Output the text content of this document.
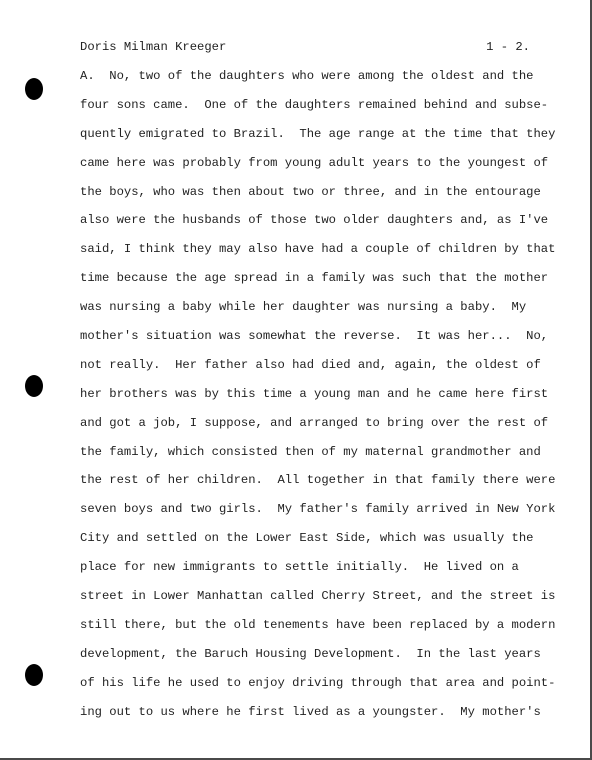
Doris Milman Kreeger	1 - 2.
A.  No, two of the daughters who were among the oldest and the
four sons came.  One of the daughters remained behind and subse-
quently emigrated to Brazil.  The age range at the time that they
came here was probably from young adult years to the youngest of
the boys, who was then about two or three, and in the entourage
also were the husbands of those two older daughters and, as I've
said, I think they may also have had a couple of children by that
time because the age spread in a family was such that the mother
was nursing a baby while her daughter was nursing a baby.  My
mother's situation was somewhat the reverse.  It was her...  No,
not really.  Her father also had died and, again, the oldest of
her brothers was by this time a young man and he came here first
and got a job, I suppose, and arranged to bring over the rest of
the family, which consisted then of my maternal grandmother and
the rest of her children.  All together in that family there were
seven boys and two girls.  My father's family arrived in New York
City and settled on the Lower East Side, which was usually the
place for new immigrants to settle initially.  He lived on a
street in Lower Manhattan called Cherry Street, and the street is
still there, but the old tenements have been replaced by a modern
development, the Baruch Housing Development.  In the last years
of his life he used to enjoy driving through that area and point-
ing out to us where he first lived as a youngster.  My mother's
